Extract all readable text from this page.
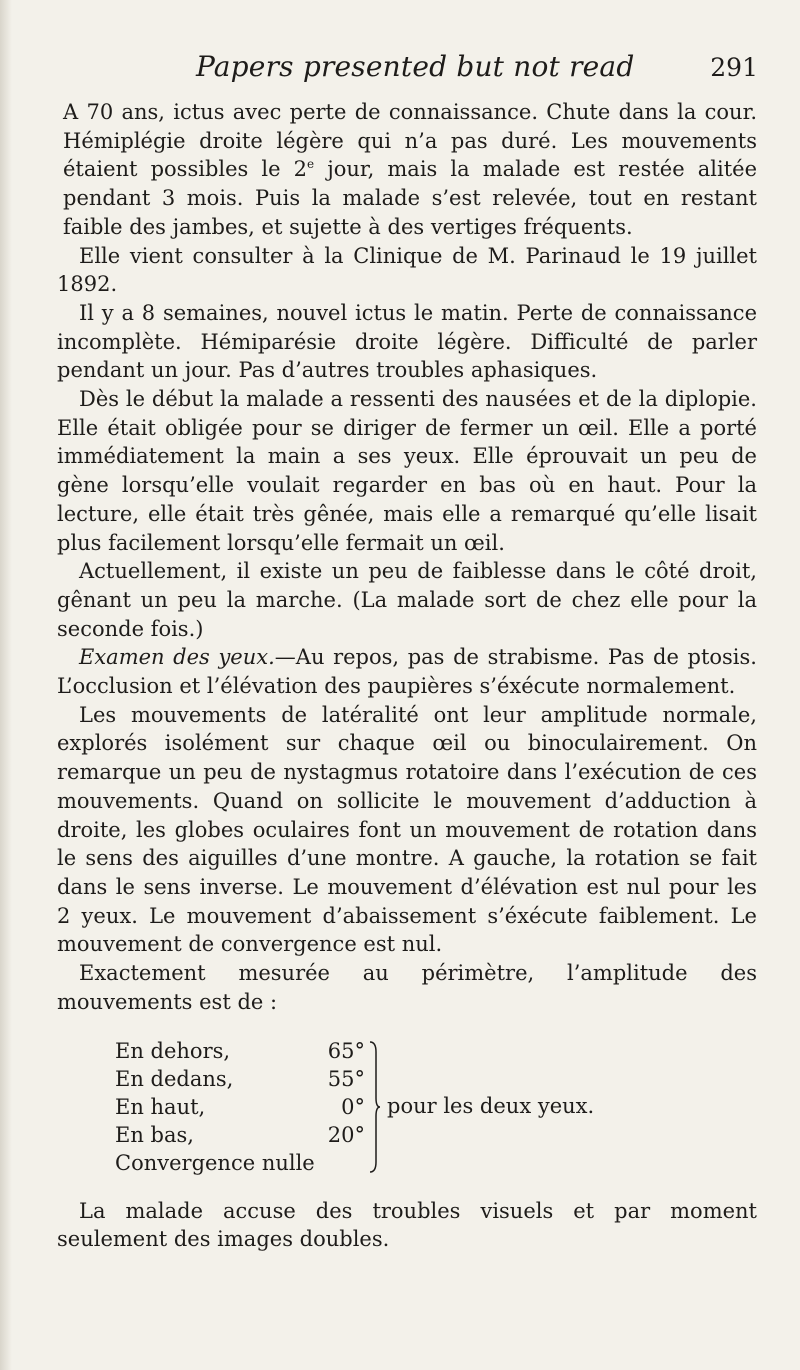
Papers presented but not read	291

A 70 ans, ictus avec perte de connaissance. Chute dans la cour. Hémiplégie droite légère qui n’a pas duré. Les mouvements étaient possibles le 2e jour, mais la malade est restée alitée pendant 3 mois. Puis la malade s’est relevée, tout en restant faible des jambes, et sujette à des vertiges fréquents.

Elle vient consulter à la Clinique de M. Parinaud le 19 juillet 1892.

Il y a 8 semaines, nouvel ictus le matin. Perte de connaissance incomplète. Hémiparésie droite légère. Difficulté de parler pendant un jour. Pas d’autres troubles aphasiques.

Dès le début la malade a ressenti des nausées et de la diplopie. Elle était obligée pour se diriger de fermer un œil. Elle a porté immédiatement la main a ses yeux. Elle éprouvait un peu de gène lorsqu’elle voulait regarder en bas où en haut. Pour la lecture, elle était très gênée, mais elle a remarqué qu’elle lisait plus facilement lorsqu’elle fermait un œil.

Actuellement, il existe un peu de faiblesse dans le côté droit, gênant un peu la marche. (La malade sort de chez elle pour la seconde fois.)

Examen des yeux.—Au repos, pas de strabisme. Pas de ptosis. L’occlusion et l’élévation des paupières s’éxécute normalement.

Les mouvements de latéralité ont leur amplitude normale, explorés isolément sur chaque œil ou binoculairement. On remarque un peu de nystagmus rotatoire dans l’exécution de ces mouvements. Quand on sollicite le mouvement d’adduction à droite, les globes oculaires font un mouvement de rotation dans le sens des aiguilles d’une montre. A gauche, la rotation se fait dans le sens inverse. Le mouvement d’élévation est nul pour les 2 yeux. Le mouvement d’abaissement s’éxécute faiblement. Le mouvement de convergence est nul.

Exactement mesurée au périmètre, l’amplitude des mouvements est de :

En dehors,	65°
En dedans,	55°
En haut,	0°
En bas,	20°
Convergence nulle	
pour les deux yeux.

La malade accuse des troubles visuels et par moment seulement des images doubles.
